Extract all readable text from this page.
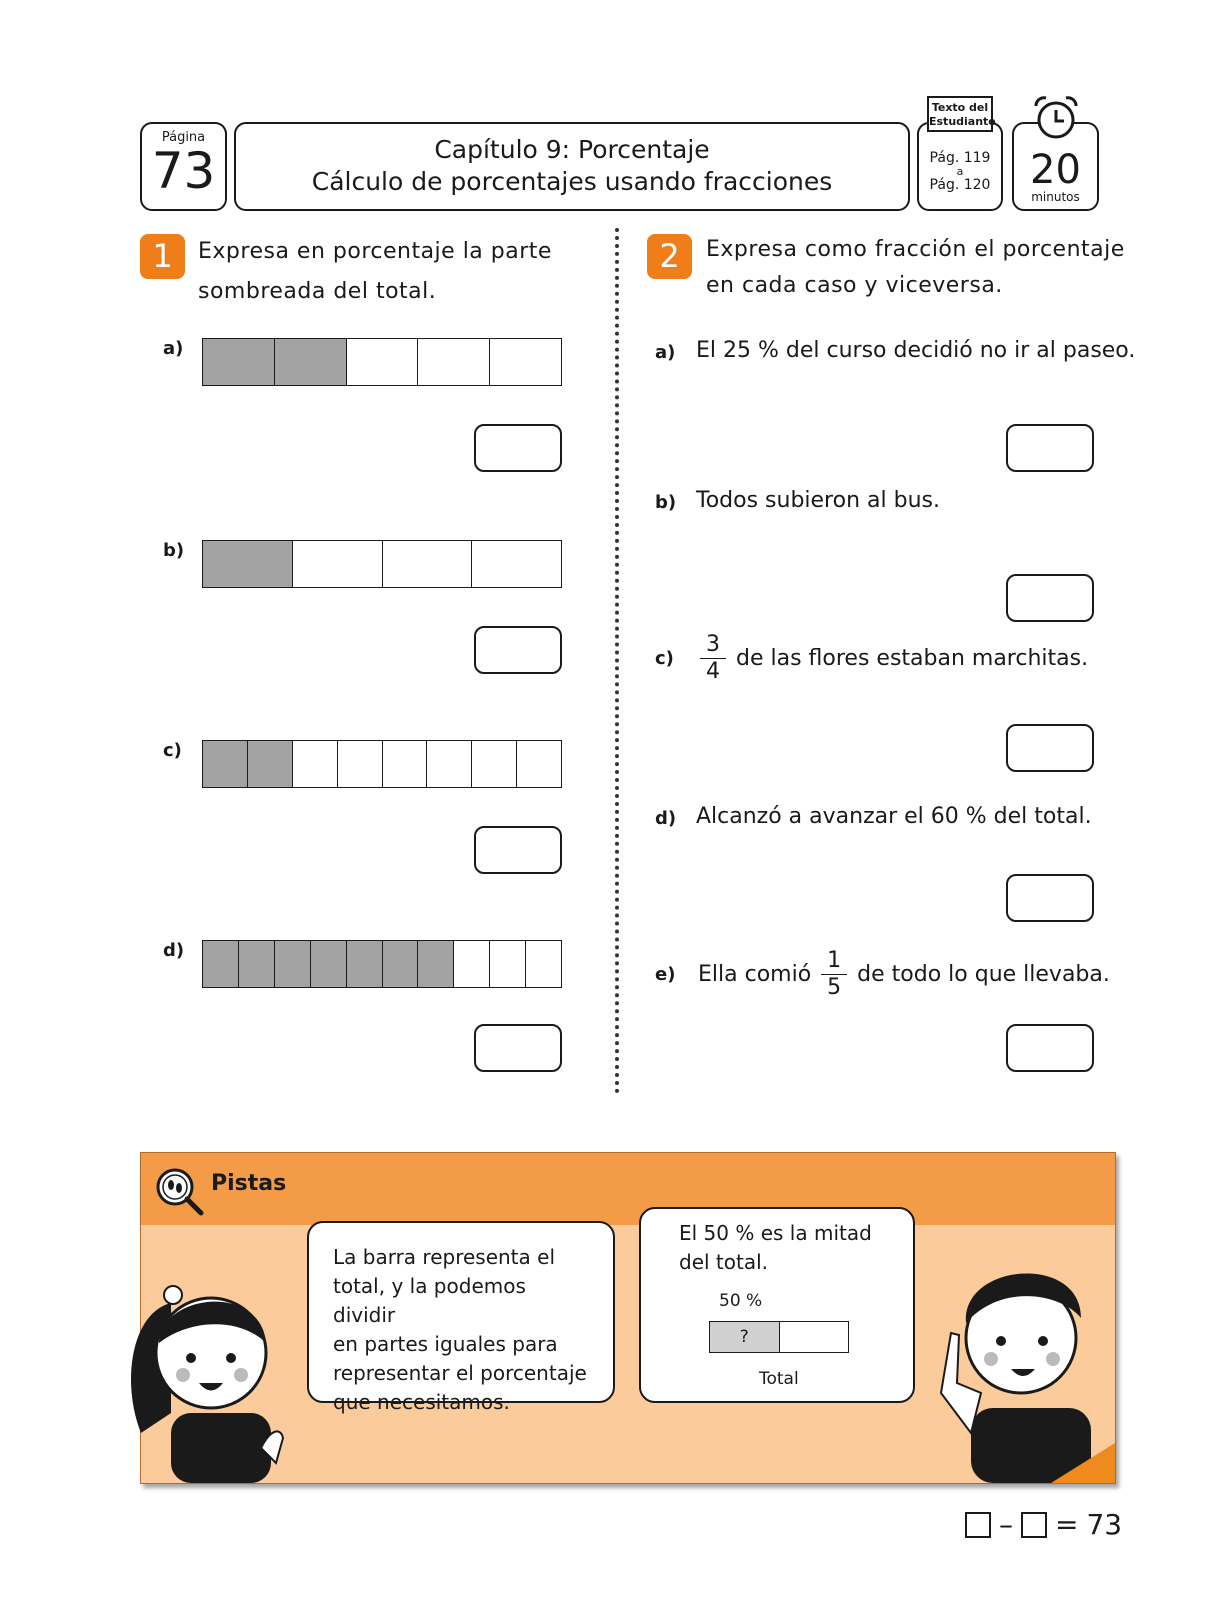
Página
73	Capítulo 9: Porcentaje
Cálculo de porcentajes usando fracciones
Pág. 119
a
Pág. 120
Texto del Estudiante
20
minutos
1	Expresa en porcentaje la parte
sombreada del total.
a)
b)
c)
d)
2	Expresa como fracción el porcentaje
en cada caso y viceversa.
a) El 25 % del curso decidió no ir al paseo.
b) Todos subieron al bus.
$c) \frac{3}{4}$ de las flores estaban marchitas.
d) Alcanzó a avanzar el 60 % del total.
e) Ella comió $\frac{1}{5}$ de todo lo que llevaba.
Pistas
La barra representa el
total, y la podemos dividir
en partes iguales para
representar el porcentaje
que necesitamos.
El 50 % es la mitad
del total.
50 %
?
Total
– = 73
